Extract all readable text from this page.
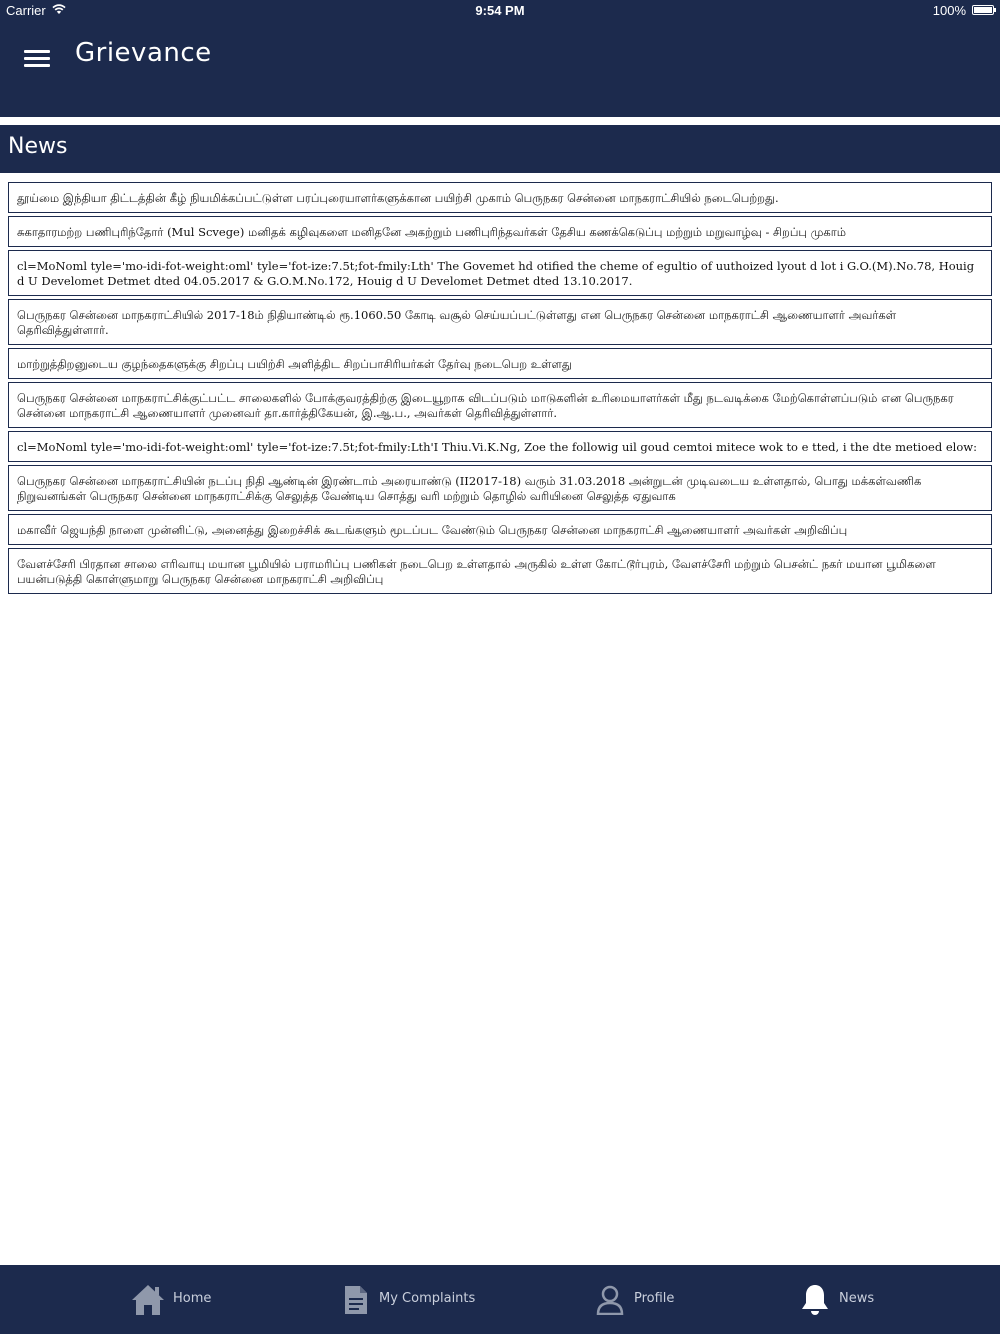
Carrier	9:54 PM	100%
Grievance
News
தூய்மை இந்தியா திட்டத்தின் கீழ் நியமிக்கப்பட்டுள்ள பரப்புரையாளர்களுக்கான பயிற்சி முகாம் பெருநகர சென்னை மாநகராட்சியில் நடைபெற்றது.
சுகாதாரமற்ற பணிபுரிந்தோர் (Mul Scvege) மனிதக் கழிவுகளை மனிதனே அகற்றும் பணிபுரிந்தவர்கள் தேசிய கணக்கெடுப்பு மற்றும் மறுவாழ்வு - சிறப்பு முகாம்
cl=MoNoml tyle='mo-idi-fot-weight:oml' tyle='fot-ize:7.5t;fot-fmily:Lth' The Govemet hd otified the cheme of egultio of uuthoized lyout d lot i G.O.(M).No.78, Houig d U Develomet Detmet dted 04.05.2017 & G.O.M.No.172, Houig d U Develomet Detmet dted 13.10.2017.
பெருநகர சென்னை மாநகராட்சியில் 2017-18ம் நிதியாண்டில் ரூ.1060.50 கோடி வசூல் செய்யப்பட்டுள்ளது என பெருநகர சென்னை மாநகராட்சி ஆணையாளர் அவர்கள் தெரிவித்துள்ளார்.
மாற்றுத்திறனுடைய குழந்தைகளுக்கு சிறப்பு பயிற்சி அளித்திட சிறப்பாசிரியர்கள் தேர்வு நடைபெற உள்ளது
பெருநகர சென்னை மாநகராட்சிக்குட்பட்ட சாலைகளில் போக்குவரத்திற்கு இடையூறாக விடப்படும் மாடுகளின் உரிமையாளர்கள் மீது நடவடிக்கை மேற்கொள்ளப்படும் என பெருநகர சென்னை மாநகராட்சி ஆணையாளர் முனைவர் தா.கார்த்திகேயன், இ.ஆ.ப., அவர்கள் தெரிவித்துள்ளார்.
cl=MoNoml tyle='mo-idi-fot-weight:oml' tyle='fot-ize:7.5t;fot-fmily:Lth'I Thiu.Vi.K.Ng, Zoe the followig uil goud cemtoi mitece wok to e tted, i the dte metioed elow:
பெருநகர சென்னை மாநகராட்சியின் நடப்பு நிதி ஆண்டின் இரண்டாம் அரையாண்டு (II2017-18) வரும் 31.03.2018 அன்றுடன் முடிவடைய உள்ளதால், பொது மக்கள்வணிக நிறுவனங்கள் பெருநகர சென்னை மாநகராட்சிக்கு செலுத்த வேண்டிய சொத்து வரி மற்றும் தொழில் வரியினை செலுத்த ஏதுவாக
மகாவீர் ஜெயந்தி நாளை முன்னிட்டு, அனைத்து இறைச்சிக் கூடங்களும் மூடப்பட வேண்டும் பெருநகர சென்னை மாநகராட்சி ஆணையாளர் அவர்கள் அறிவிப்பு
வேளச்சேரி பிரதான சாலை எரிவாயு மயான பூமியில் பராமரிப்பு பணிகள் நடைபெற உள்ளதால் அருகில் உள்ள கோட்டூர்புரம், வேளச்சேரி மற்றும் பெசன்ட் நகர் மயான பூமிகளை பயன்படுத்தி கொள்ளுமாறு பெருநகர சென்னை மாநகராட்சி அறிவிப்பு
Home	My Complaints	Profile	News
